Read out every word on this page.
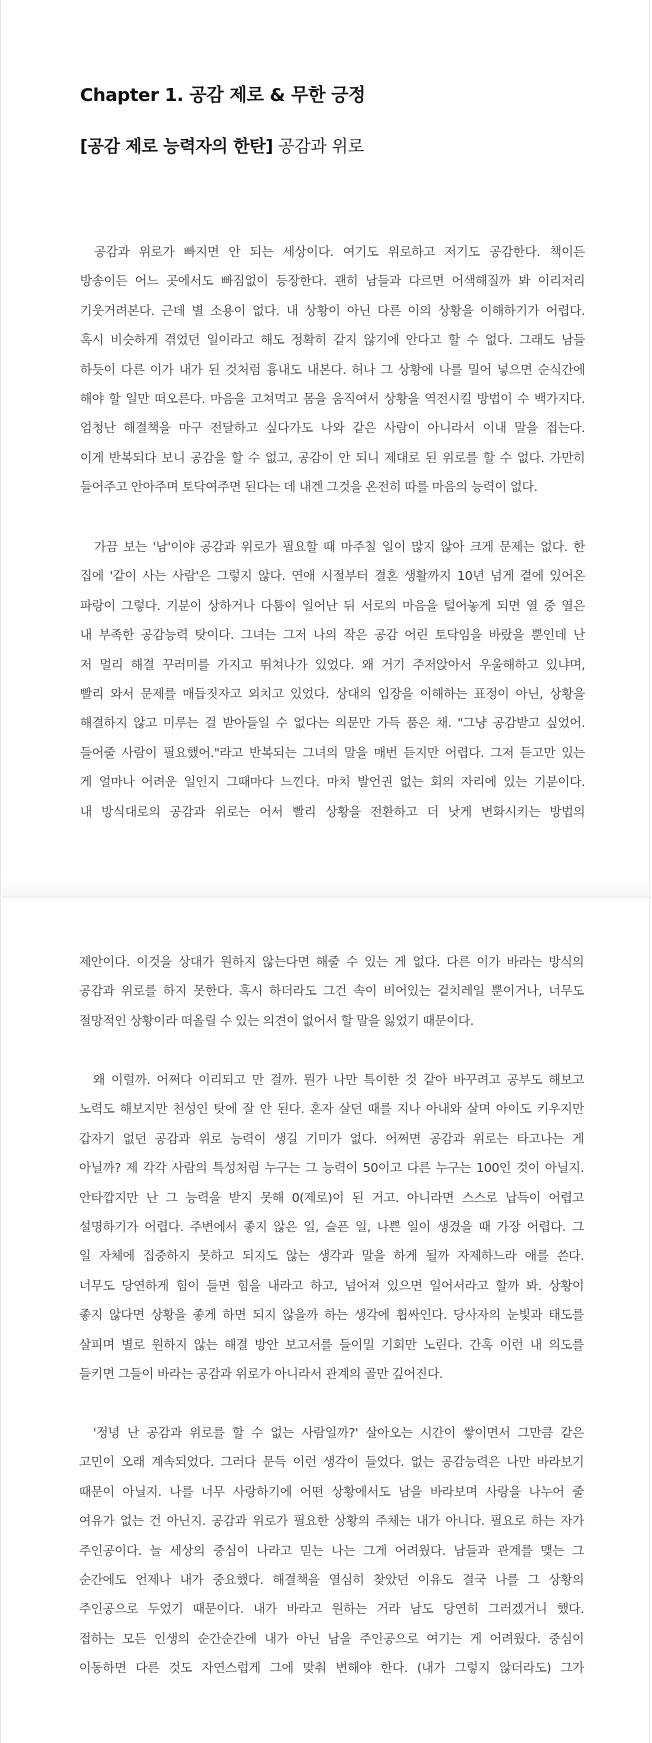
Chapter 1. 공감 제로 & 무한 긍정
[공감 제로 능력자의 한탄] 공감과 위로
공감과 위로가 빠지면 안 되는 세상이다. 여기도 위로하고 저기도 공감한다. 책이든
방송이든 어느 곳에서도 빠짐없이 등장한다. 괜히 남들과 다르면 어색해질까 봐 이리저리
기웃거려본다. 근데 별 소용이 없다. 내 상황이 아닌 다른 이의 상황을 이해하기가 어렵다.
혹시 비슷하게 겪었던 일이라고 해도 정확히 같지 않기에 안다고 할 수 없다. 그래도 남들
하듯이 다른 이가 내가 된 것처럼 흉내도 내본다. 허나 그 상황에 나를 밀어 넣으면 순식간에
해야 할 일만 떠오른다. 마음을 고쳐먹고 몸을 움직여서 상황을 역전시킬 방법이 수 백가지다.
엄청난 해결책을 마구 전달하고 싶다가도 나와 같은 사람이 아니라서 이내 말을 접는다.
이게 반복되다 보니 공감을 할 수 없고, 공감이 안 되니 제대로 된 위로를 할 수 없다. 가만히
들어주고 안아주며 토닥여주면 된다는 데 내겐 그것을 온전히 따를 마음의 능력이 없다.
가끔 보는 '남'이야 공감과 위로가 필요할 때 마주칠 일이 많지 않아 크게 문제는 없다. 한
집에 '같이 사는 사람'은 그렇지 않다. 연애 시절부터 결혼 생활까지 10년 넘게 곁에 있어온
파랑이 그렇다. 기분이 상하거나 다툼이 일어난 뒤 서로의 마음을 털어놓게 되면 열 중 열은
내 부족한 공감능력 탓이다. 그녀는 그저 나의 작은 공감 어린 토닥임을 바랐을 뿐인데 난
저 멀리 해결 꾸러미를 가지고 뛰쳐나가 있었다. 왜 거기 주저앉아서 우울해하고 있냐며,
빨리 와서 문제를 매듭짓자고 외치고 있었다. 상대의 입장을 이해하는 표정이 아닌, 상황을
해결하지 않고 미루는 걸 받아들일 수 없다는 의문만 가득 품은 채. "그냥 공감받고 싶었어.
들어줄 사람이 필요했어."라고 반복되는 그녀의 말을 매번 듣지만 어렵다. 그저 듣고만 있는
게 얼마나 어려운 일인지 그때마다 느낀다. 마치 발언권 없는 회의 자리에 있는 기분이다.
내 방식대로의 공감과 위로는 어서 빨리 상황을 전환하고 더 낫게 변화시키는 방법의
제안이다. 이것을 상대가 원하지 않는다면 해줄 수 있는 게 없다. 다른 이가 바라는 방식의
공감과 위로를 하지 못한다. 혹시 하더라도 그건 속이 비어있는 겉치레일 뿐이거나, 너무도
절망적인 상황이라 떠올릴 수 있는 의견이 없어서 할 말을 잃었기 때문이다.
왜 이럴까. 어쩌다 이리되고 만 걸까. 뭔가 나만 특이한 것 같아 바꾸려고 공부도 해보고
노력도 해보지만 천성인 탓에 잘 안 된다. 혼자 살던 때를 지나 아내와 살며 아이도 키우지만
갑자기 없던 공감과 위로 능력이 생길 기미가 없다. 어쩌면 공감과 위로는 타고나는 게
아닐까? 제 각각 사람의 특성처럼 누구는 그 능력이 50이고 다른 누구는 100인 것이 아닐지.
안타깝지만 난 그 능력을 받지 못해 0(제로)이 된 거고. 아니라면 스스로 납득이 어렵고
설명하기가 어렵다. 주변에서 좋지 않은 일, 슬픈 일, 나쁜 일이 생겼을 때 가장 어렵다. 그
일 자체에 집중하지 못하고 되지도 않는 생각과 말을 하게 될까 자제하느라 애를 쓴다.
너무도 당연하게 힘이 들면 힘을 내라고 하고, 넘어져 있으면 일어서라고 할까 봐. 상황이
좋지 않다면 상황을 좋게 하면 되지 않을까 하는 생각에 휩싸인다. 당사자의 눈빛과 태도를
살피며 별로 원하지 않는 해결 방안 보고서를 들이밀 기회만 노린다. 간혹 이런 내 의도를
들키면 그들이 바라는 공감과 위로가 아니라서 관계의 골만 깊어진다.
'정녕 난 공감과 위로를 할 수 없는 사람일까?' 살아오는 시간이 쌓이면서 그만큼 같은
고민이 오래 계속되었다. 그러다 문득 이런 생각이 들었다. 없는 공감능력은 나만 바라보기
때문이 아닐지. 나를 너무 사랑하기에 어떤 상황에서도 남을 바라보며 사랑을 나누어 줄
여유가 없는 건 아닌지. 공감과 위로가 필요한 상황의 주체는 내가 아니다. 필요로 하는 자가
주인공이다. 늘 세상의 중심이 나라고 믿는 나는 그게 어려웠다. 남들과 관계를 맺는 그
순간에도 언제나 내가 중요했다. 해결책을 열심히 찾았던 이유도 결국 나를 그 상황의
주인공으로 두었기 때문이다. 내가 바라고 원하는 거라 남도 당연히 그러겠거니 했다.
접하는 모든 인생의 순간순간에 내가 아닌 남을 주인공으로 여기는 게 어려웠다. 중심이
이동하면 다른 것도 자연스럽게 그에 맞춰 변해야 한다. (내가 그렇지 않더라도) 그가
